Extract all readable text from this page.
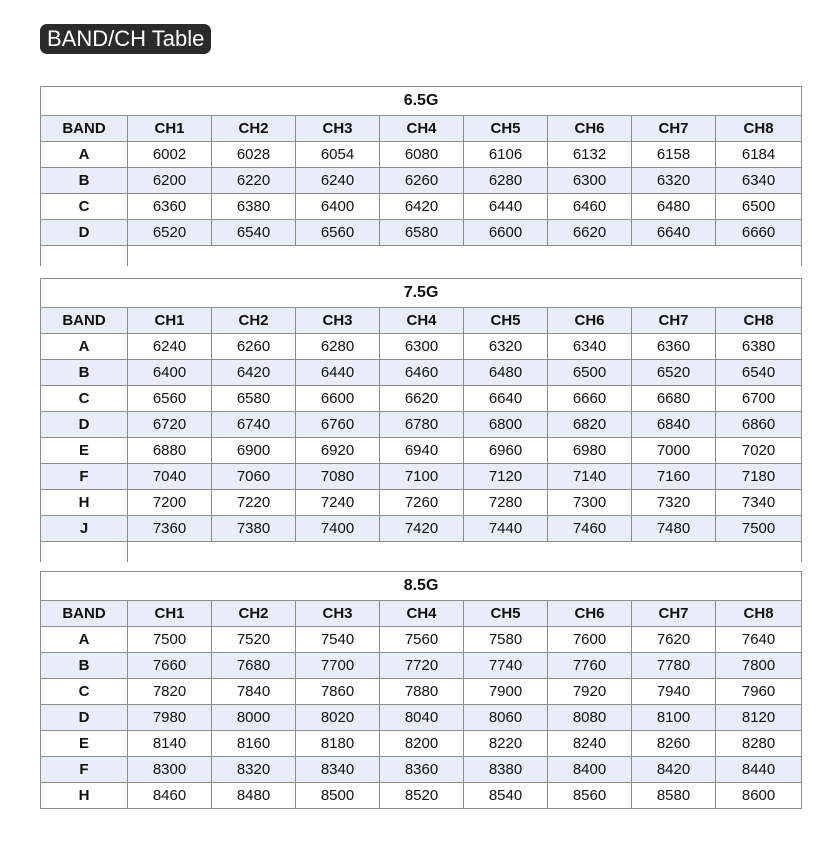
BAND/CH Table
6.5G								
BAND	CH1	CH2	CH3	CH4	CH5	CH6	CH7	CH8
A	6002	6028	6054	6080	6106	6132	6158	6184
B	6200	6220	6240	6260	6280	6300	6320	6340
C	6360	6380	6400	6420	6440	6460	6480	6500
D	6520	6540	6560	6580	6600	6620	6640	6660

7.5G								
BAND	CH1	CH2	CH3	CH4	CH5	CH6	CH7	CH8
A	6240	6260	6280	6300	6320	6340	6360	6380
B	6400	6420	6440	6460	6480	6500	6520	6540
C	6560	6580	6600	6620	6640	6660	6680	6700
D	6720	6740	6760	6780	6800	6820	6840	6860
E	6880	6900	6920	6940	6960	6980	7000	7020
F	7040	7060	7080	7100	7120	7140	7160	7180
H	7200	7220	7240	7260	7280	7300	7320	7340
J	7360	7380	7400	7420	7440	7460	7480	7500

8.5G								
BAND	CH1	CH2	CH3	CH4	CH5	CH6	CH7	CH8
A	7500	7520	7540	7560	7580	7600	7620	7640
B	7660	7680	7700	7720	7740	7760	7780	7800
C	7820	7840	7860	7880	7900	7920	7940	7960
D	7980	8000	8020	8040	8060	8080	8100	8120
E	8140	8160	8180	8200	8220	8240	8260	8280
F	8300	8320	8340	8360	8380	8400	8420	8440
H	8460	8480	8500	8520	8540	8560	8580	8600
